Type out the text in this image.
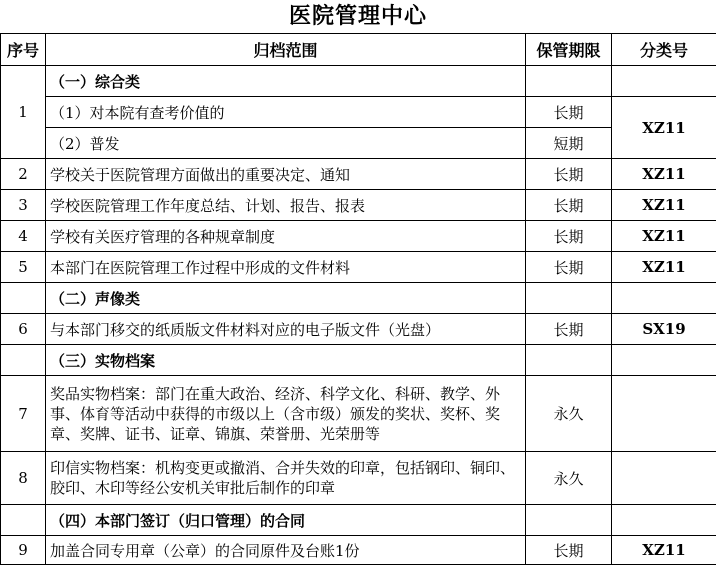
医院管理中心
序号	归档范围	保管期限	分类号
1	（一）综合类		
	（1）对本院有查考价值的	长期	XZ11
	（2）普发	短期	
2	学校关于医院管理方面做出的重要决定、通知	长期	XZ11
3	学校医院管理工作年度总结、计划、报告、报表	长期	XZ11
4	学校有关医疗管理的各种规章制度	长期	XZ11
5	本部门在医院管理工作过程中形成的文件材料	长期	XZ11
	（二）声像类		
6	与本部门移交的纸质版文件材料对应的电子版文件（光盘）	长期	SX19
	（三）实物档案		
7	奖品实物档案：部门在重大政治、经济、科学文化、科研、教学、外事、体育等活动中获得的市级以上（含市级）颁发的奖状、奖杯、奖章、奖牌、证书、证章、锦旗、荣誉册、光荣册等	永久	
8	印信实物档案：机构变更或撤消、合并失效的印章，包括钢印、铜印、胶印、木印等经公安机关审批后制作的印章	永久	
	（四）本部门签订（归口管理）的合同		
9	加盖合同专用章（公章）的合同原件及台账1份	长期	XZ11
